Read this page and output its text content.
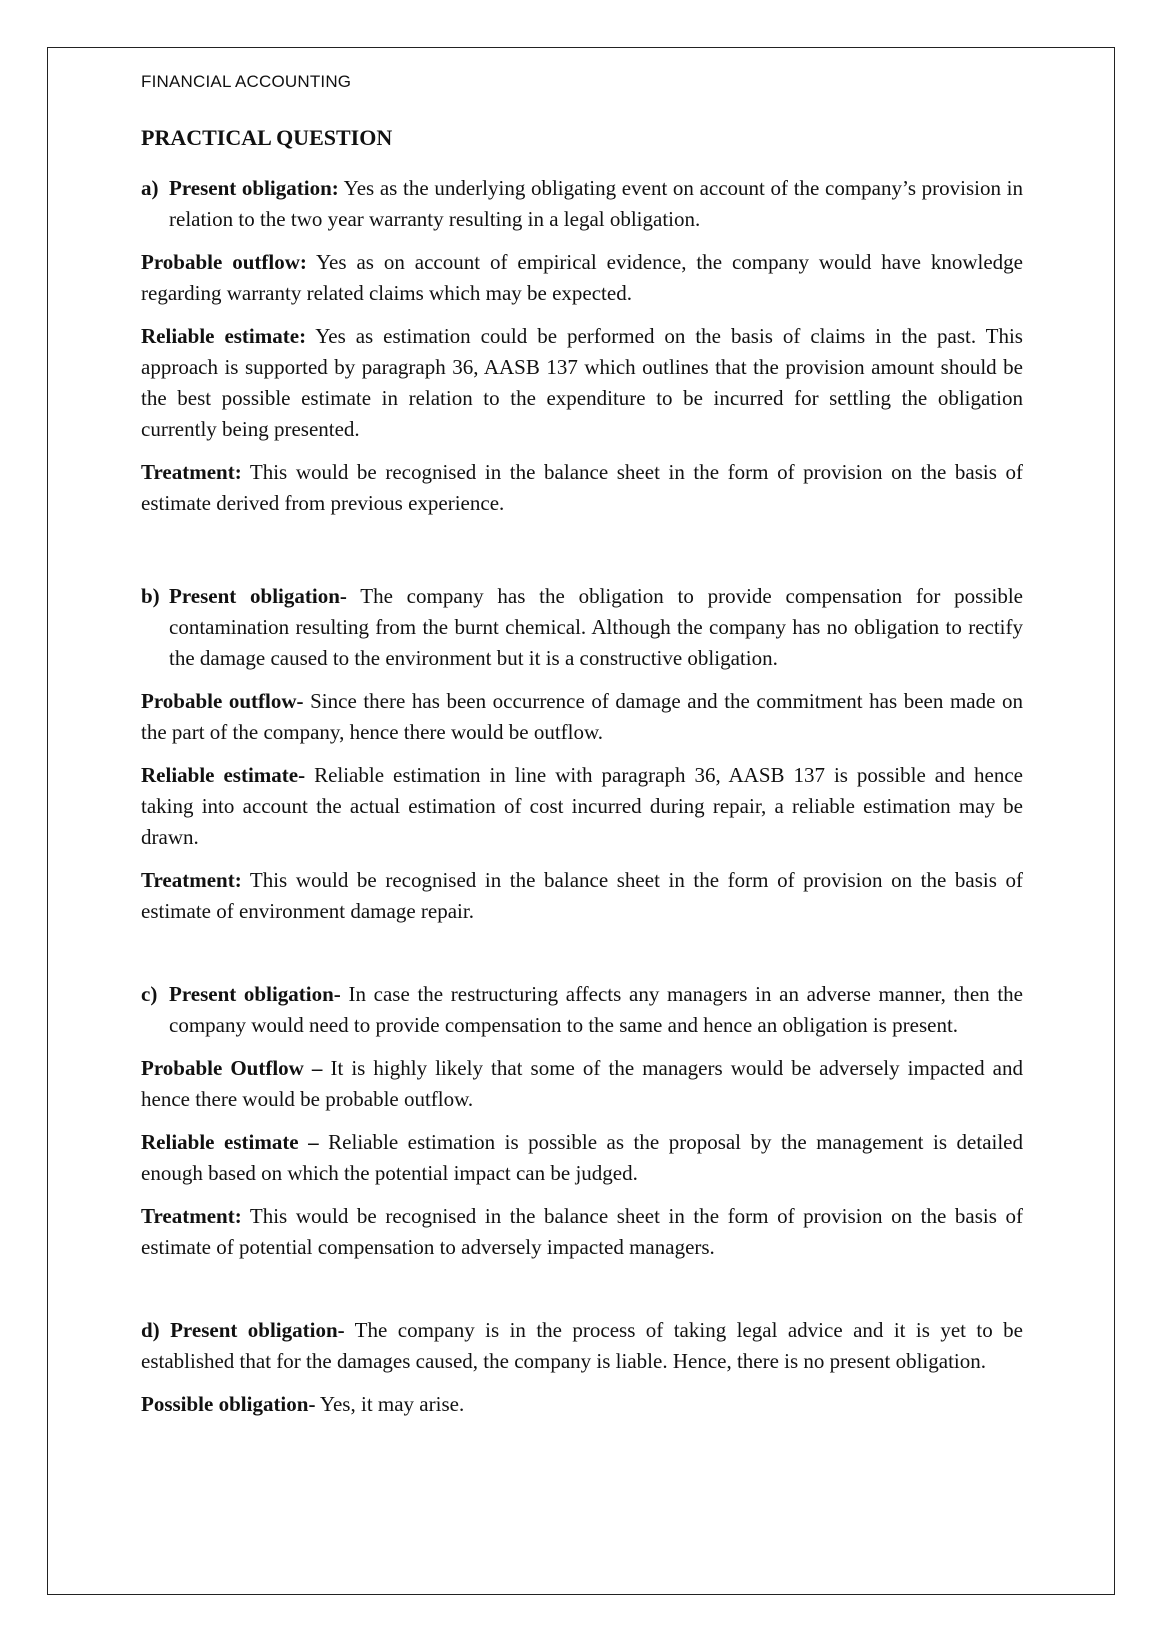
FINANCIAL ACCOUNTING
PRACTICAL QUESTION

a) Present obligation: Yes as the underlying obligating event on account of the company’s provision in relation to the two year warranty resulting in a legal obligation.

Probable outflow: Yes as on account of empirical evidence, the company would have knowledge regarding warranty related claims which may be expected.

Reliable estimate: Yes as estimation could be performed on the basis of claims in the past. This approach is supported by paragraph 36, AASB 137 which outlines that the provision amount should be the best possible estimate in relation to the expenditure to be incurred for settling the obligation currently being presented.

Treatment: This would be recognised in the balance sheet in the form of provision on the basis of estimate derived from previous experience.

b) Present obligation- The company has the obligation to provide compensation for possible contamination resulting from the burnt chemical. Although the company has no obligation to rectify the damage caused to the environment but it is a constructive obligation.

Probable outflow- Since there has been occurrence of damage and the commitment has been made on the part of the company, hence there would be outflow.

Reliable estimate- Reliable estimation in line with paragraph 36, AASB 137 is possible and hence taking into account the actual estimation of cost incurred during repair, a reliable estimation may be drawn.

Treatment: This would be recognised in the balance sheet in the form of provision on the basis of estimate of environment damage repair.

c) Present obligation- In case the restructuring affects any managers in an adverse manner, then the company would need to provide compensation to the same and hence an obligation is present.

Probable Outflow – It is highly likely that some of the managers would be adversely impacted and hence there would be probable outflow.

Reliable estimate – Reliable estimation is possible as the proposal by the management is detailed enough based on which the potential impact can be judged.

Treatment: This would be recognised in the balance sheet in the form of provision on the basis of estimate of potential compensation to adversely impacted managers.

d) Present obligation- The company is in the process of taking legal advice and it is yet to be established that for the damages caused, the company is liable. Hence, there is no present obligation.

Possible obligation- Yes, it may arise.
